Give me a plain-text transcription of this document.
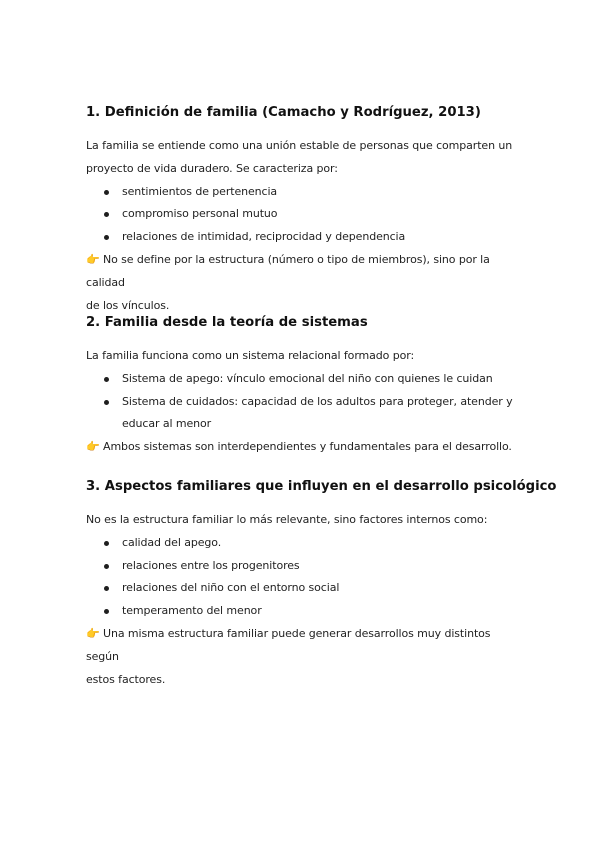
1. Definición de familia (Camacho y Rodríguez, 2013)

La familia se entiende como una unión estable de personas que comparten un

proyecto de vida duradero. Se caracteriza por:

sentimientos de pertenencia
compromiso personal mutuo
relaciones de intimidad, reciprocidad y dependencia

👉 No se define por la estructura (número o tipo de miembros), sino por la calidad

de los vínculos.

2. Familia desde la teoría de sistemas

La familia funciona como un sistema relacional formado por:

Sistema de apego: vínculo emocional del niño con quienes le cuidan
Sistema de cuidados: capacidad de los adultos para proteger, atender y
educar al menor

👉 Ambos sistemas son interdependientes y fundamentales para el desarrollo.

3. Aspectos familiares que influyen en el desarrollo psicológico

No es la estructura familiar lo más relevante, sino factores internos como:

calidad del apego.
relaciones entre los progenitores
relaciones del niño con el entorno social
temperamento del menor

👉 Una misma estructura familiar puede generar desarrollos muy distintos según

estos factores.
